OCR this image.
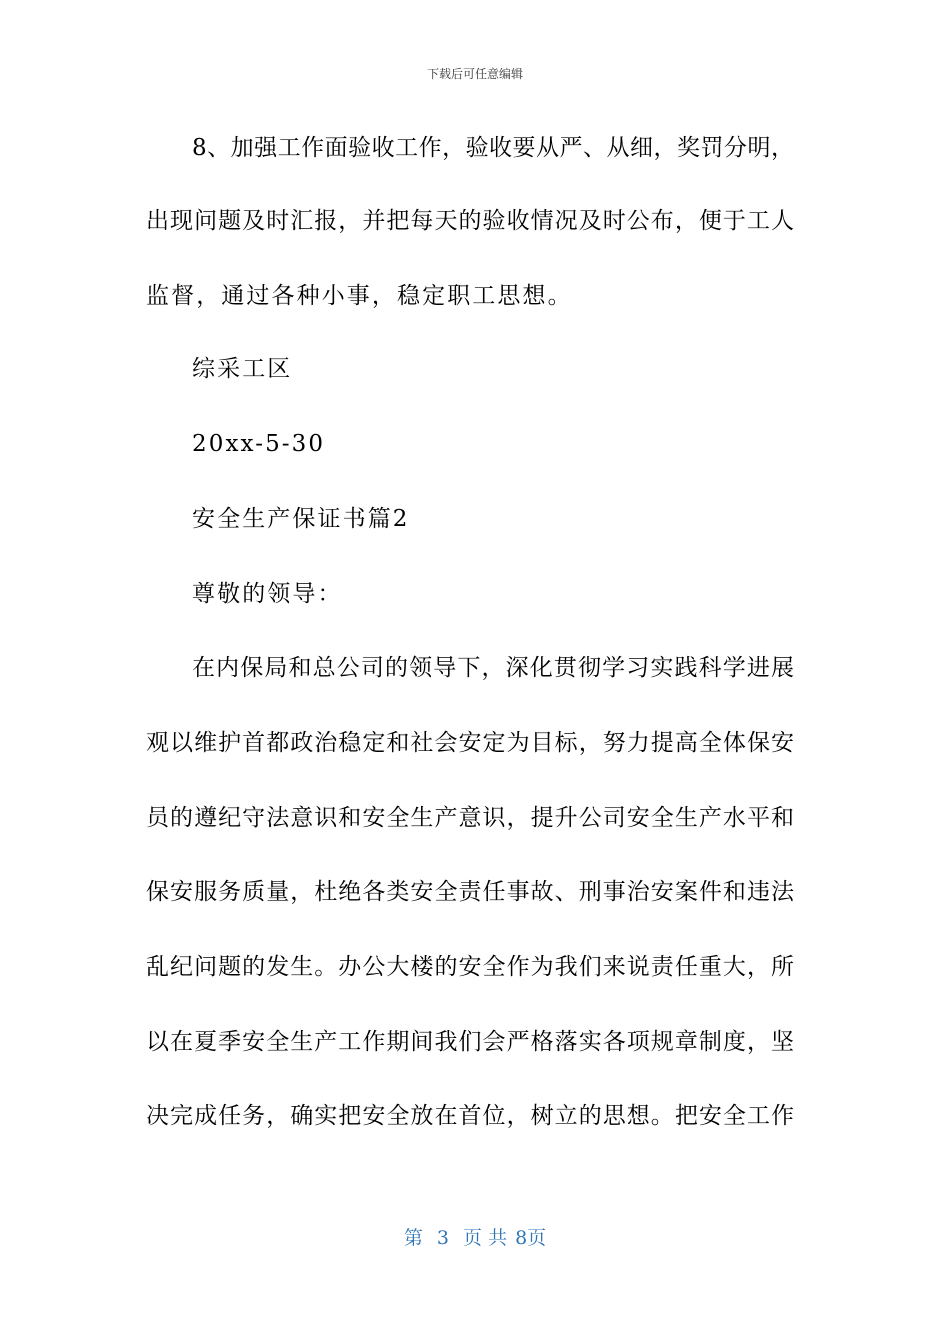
下载后可任意编辑
8、加强工作面验收工作，验收要从严、从细，奖罚分明，
出现问题及时汇报，并把每天的验收情况及时公布，便于工人
监督，通过各种小事，稳定职工思想。
综采工区
20xx-5-30
安全生产保证书篇2
尊敬的领导：
在内保局和总公司的领导下，深化贯彻学习实践科学进展
观以维护首都政治稳定和社会安定为目标，努力提高全体保安
员的遵纪守法意识和安全生产意识，提升公司安全生产水平和
保安服务质量，杜绝各类安全责任事故、刑事治安案件和违法
乱纪问题的发生。办公大楼的安全作为我们来说责任重大，所
以在夏季安全生产工作期间我们会严格落实各项规章制度，坚
决完成任务，确实把安全放在首位，树立的思想。把安全工作
第 3 页 共 8页
